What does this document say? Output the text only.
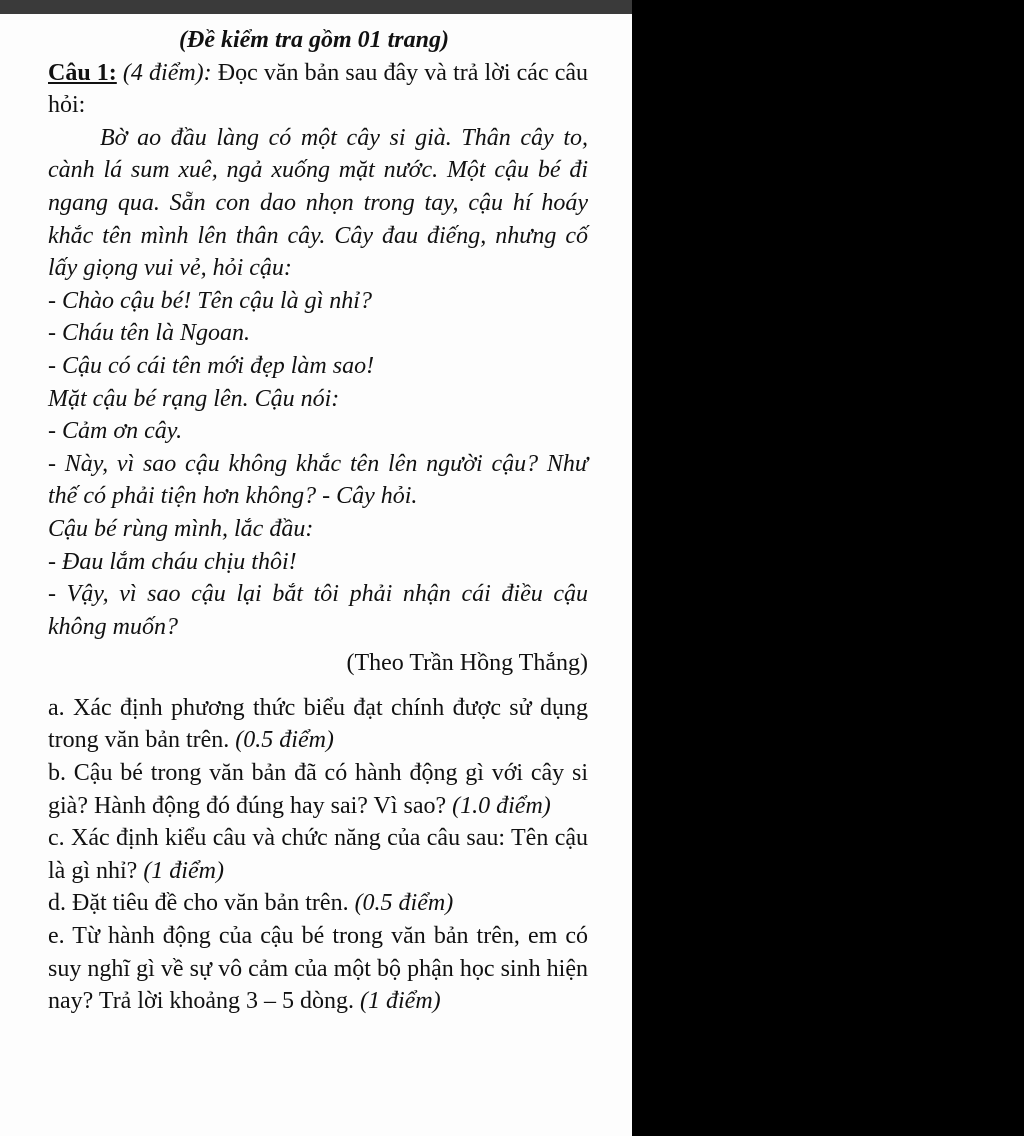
(Đề kiểm tra gồm 01 trang)

Câu 1: (4 điểm): Đọc văn bản sau đây và trả lời các câu hỏi:

Bờ ao đầu làng có một cây si già. Thân cây to, cành lá sum xuê, ngả xuống mặt nước. Một cậu bé đi ngang qua. Sẵn con dao nhọn trong tay, cậu hí hoáy khắc tên mình lên thân cây. Cây đau điếng, nhưng cố lấy giọng vui vẻ, hỏi cậu:

- Chào cậu bé! Tên cậu là gì nhỉ?

- Cháu tên là Ngoan.

- Cậu có cái tên mới đẹp làm sao!

Mặt cậu bé rạng lên. Cậu nói:

- Cảm ơn cây.

- Này, vì sao cậu không khắc tên lên người cậu? Như thế có phải tiện hơn không? - Cây hỏi.

Cậu bé rùng mình, lắc đầu:

- Đau lắm cháu chịu thôi!

- Vậy, vì sao cậu lại bắt tôi phải nhận cái điều cậu không muốn?

(Theo Trần Hồng Thắng)

a. Xác định phương thức biểu đạt chính được sử dụng trong văn bản trên. (0.5 điểm)

b. Cậu bé trong văn bản đã có hành động gì với cây si già? Hành động đó đúng hay sai? Vì sao? (1.0 điểm)

c. Xác định kiểu câu và chức năng của câu sau: Tên cậu là gì nhỉ? (1 điểm)

d. Đặt tiêu đề cho văn bản trên. (0.5 điểm)

e. Từ hành động của cậu bé trong văn bản trên, em có suy nghĩ gì về sự vô cảm của một bộ phận học sinh hiện nay? Trả lời khoảng 3 – 5 dòng. (1 điểm)
